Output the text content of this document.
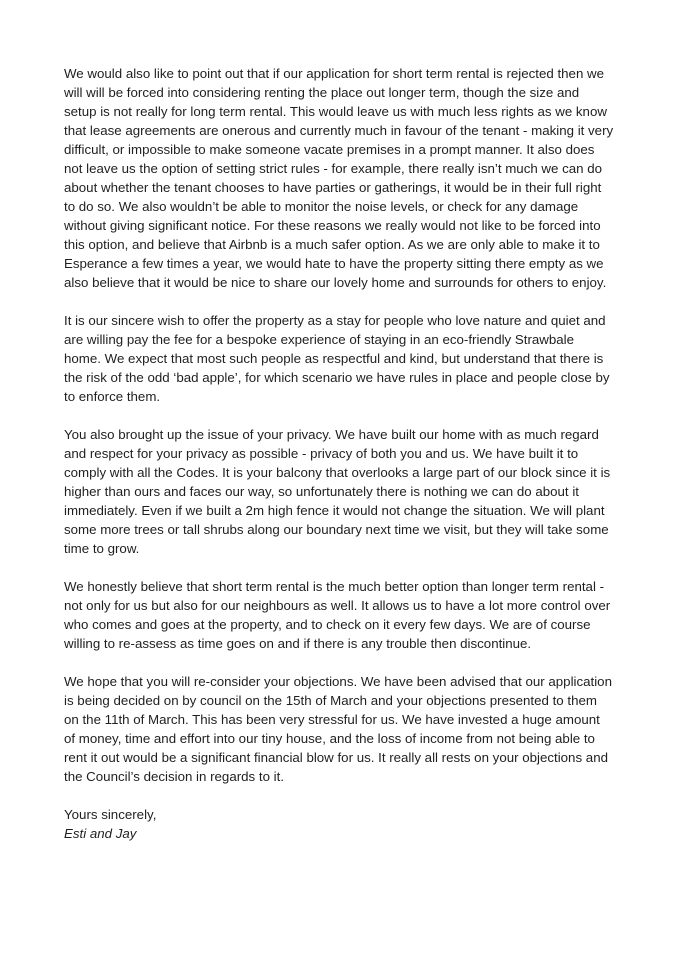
We would also like to point out that if our application for short term rental is rejected then we will will be forced into considering renting the place out longer term, though the size and setup is not really for long term rental. This would leave us with much less rights as we know that lease agreements are onerous and currently much in favour of the tenant - making it very difficult, or impossible to make someone vacate premises in a prompt manner. It also does not leave us the option of setting strict rules - for example, there really isn’t much we can do about whether the tenant chooses to have parties or gatherings, it would be in their full right to do so. We also wouldn’t be able to monitor the noise levels, or check for any damage without giving significant notice. For these reasons we really would not like to be forced into this option, and believe that Airbnb is a much safer option. As we are only able to make it to Esperance a few times a year, we would hate to have the property sitting there empty as we also believe that it would be nice to share our lovely home and surrounds for others to enjoy.

It is our sincere wish to offer the property as a stay for people who love nature and quiet and are willing pay the fee for a bespoke experience of staying in an eco-friendly Strawbale home. We expect that most such people as respectful and kind, but understand that there is the risk of the odd ‘bad apple’, for which scenario we have rules in place and people close by to enforce them.

You also brought up the issue of your privacy. We have built our home with as much regard and respect for your privacy as possible - privacy of both you and us. We have built it to comply with all the Codes. It is your balcony that overlooks a large part of our block since it is higher than ours and faces our way, so unfortunately there is nothing we can do about it immediately. Even if we built a 2m high fence it would not change the situation. We will plant some more trees or tall shrubs along our boundary next time we visit, but they will take some time to grow.

We honestly believe that short term rental is the much better option than longer term rental - not only for us but also for our neighbours as well. It allows us to have a lot more control over who comes and goes at the property, and to check on it every few days. We are of course willing to re-assess as time goes on and if there is any trouble then discontinue.

We hope that you will re-consider your objections. We have been advised that our application is being decided on by council on the 15th of March and your objections presented to them on the 11th of March. This has been very stressful for us. We have invested a huge amount of money, time and effort into our tiny house, and the loss of income from not being able to rent it out would be a significant financial blow for us. It really all rests on your objections and the Council’s decision in regards to it.

Yours sincerely,

Esti and Jay
